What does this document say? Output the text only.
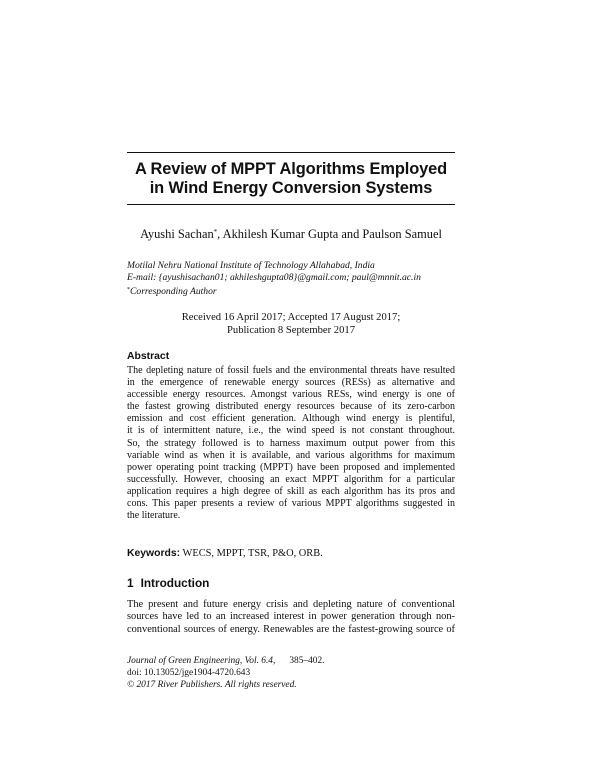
A Review of MPPT Algorithms Employed
in Wind Energy Conversion Systems
Ayushi Sachan*, Akhilesh Kumar Gupta and Paulson Samuel
Motilal Nehru National Institute of Technology Allahabad, India
E-mail: {ayushisachan01; akhileshgupta08}@gmail.com; paul@mnnit.ac.in
*Corresponding Author
Received 16 April 2017; Accepted 17 August 2017;
Publication 8 September 2017
Abstract
The depleting nature of fossil fuels and the environmental threats have resulted
in the emergence of renewable energy sources (RESs) as alternative and
accessible energy resources. Amongst various RESs, wind energy is one of
the fastest growing distributed energy resources because of its zero-carbon
emission and cost efficient generation. Although wind energy is plentiful,
it is of intermittent nature, i.e., the wind speed is not constant throughout.
So, the strategy followed is to harness maximum output power from this
variable wind as when it is available, and various algorithms for maximum
power operating point tracking (MPPT) have been proposed and implemented
successfully. However, choosing an exact MPPT algorithm for a particular
application requires a high degree of skill as each algorithm has its pros and
cons. This paper presents a review of various MPPT algorithms suggested in
the literature.
Keywords: WECS, MPPT, TSR, P&O, ORB.
1 Introduction
The present and future energy crisis and depleting nature of conventional
sources have led to an increased interest in power generation through non-
conventional sources of energy. Renewables are the fastest-growing source of
Journal of Green Engineering, Vol. 6.4, 385–402.
doi: 10.13052/jge1904-4720.643
© 2017 River Publishers. All rights reserved.
